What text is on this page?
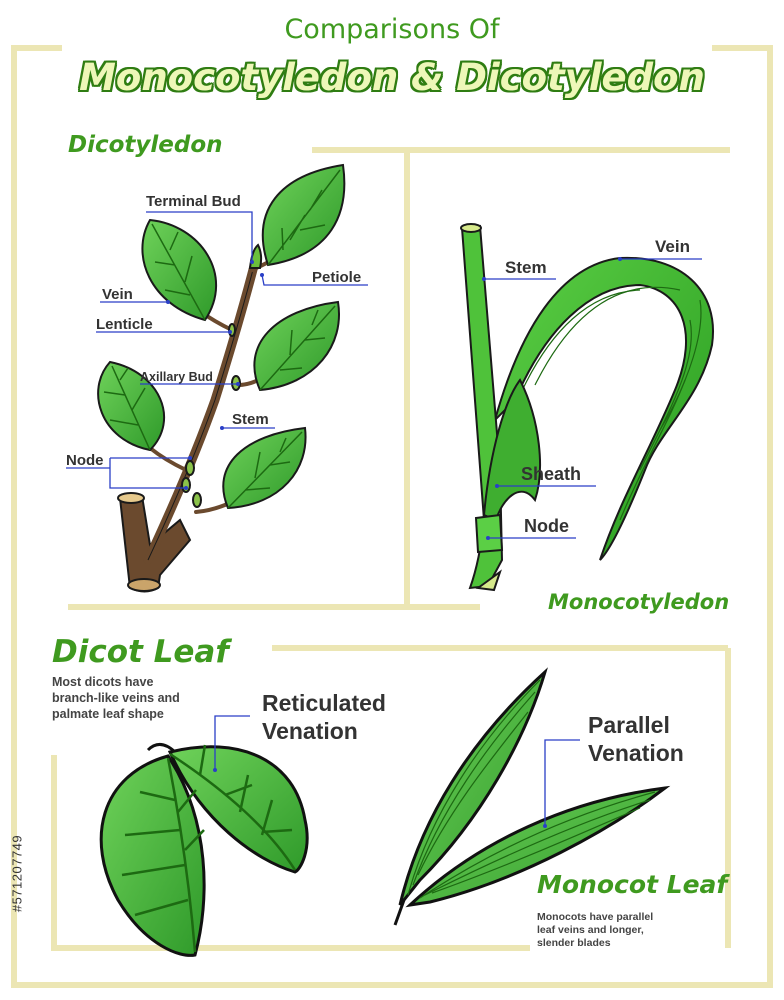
Comparisons Of
Monocotyledon & Dicotyledon
Dicotyledon
Monocotyledon
Dicot Leaf
Monocot Leaf
Terminal Bud
Petiole
Vein
Lenticle
Axillary Bud
Stem
Node
Stem
Vein
Sheath
Node
Reticulated
Venation	Parallel
Venation
Most dicots have
branch-like veins and
palmate leaf shape
Monocots have parallel
leaf veins and longer,
slender blades
#571207749
